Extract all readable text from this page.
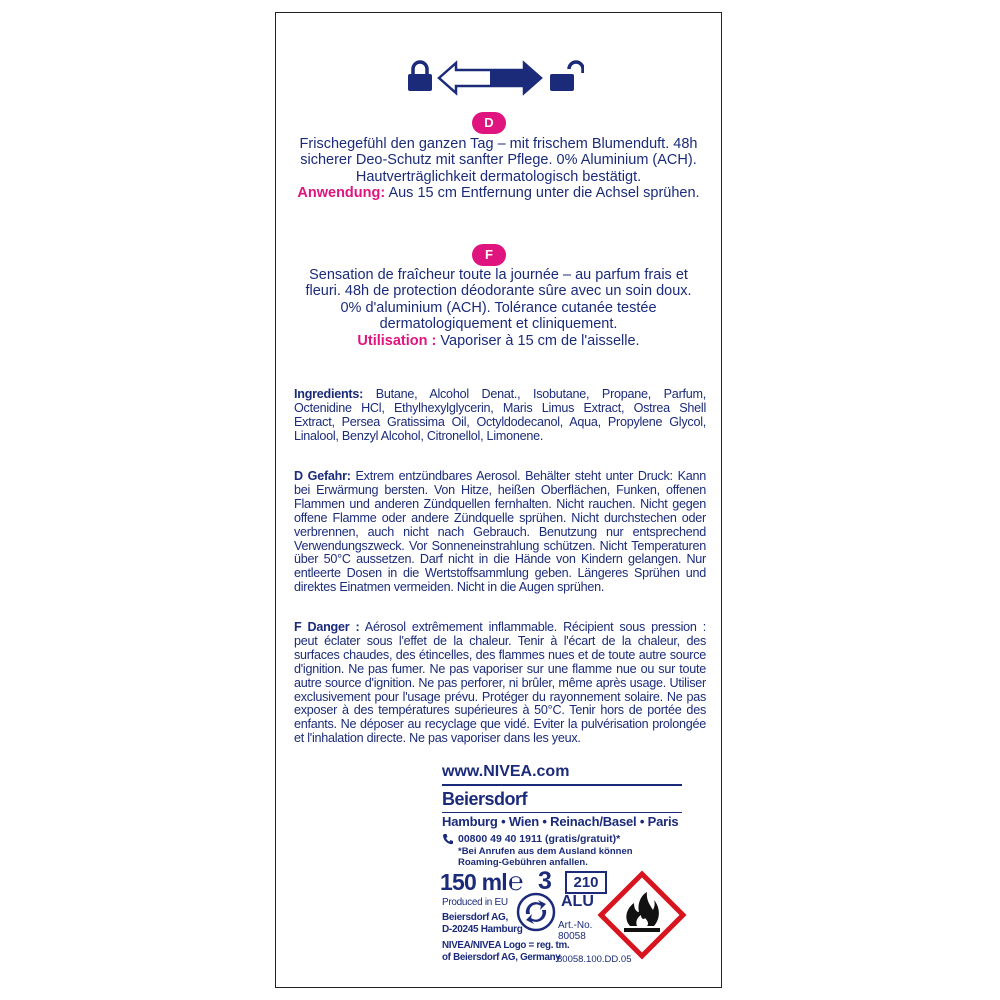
D

Frischegefühl den ganzen Tag – mit frischem Blumenduft. 48h sicherer Deo-Schutz mit sanfter Pflege. 0% Aluminium (ACH). Hautverträglichkeit dermatologisch bestätigt.

Anwendung: Aus 15 cm Entfernung unter die Achsel sprühen.

F

Sensation de fraîcheur toute la journée – au parfum frais et fleuri. 48h de protection déodorante sûre avec un soin doux. 0% d'aluminium (ACH). Tolérance cutanée testée dermatologiquement et cliniquement.

Utilisation : Vaporiser à 15 cm de l'aisselle.

Ingredients: Butane, Alcohol Denat., Isobutane, Propane, Parfum, Octenidine HCl, Ethylhexylglycerin, Maris Limus Extract, Ostrea Shell Extract, Persea Gratissima Oil, Octyldodecanol, Aqua, Propylene Glycol, Linalool, Benzyl Alcohol, Citronellol, Limonene.
D Gefahr: Extrem entzündbares Aerosol. Behälter steht unter Druck: Kann bei Erwärmung bersten. Von Hitze, heißen Oberflächen, Funken, offenen Flammen und anderen Zündquellen fernhalten. Nicht rauchen. Nicht gegen offene Flamme oder andere Zündquelle sprühen. Nicht durchstechen oder verbrennen, auch nicht nach Gebrauch. Benutzung nur entsprechend Verwendungszweck. Vor Sonneneinstrahlung schützen. Nicht Temperaturen über 50°C aussetzen. Darf nicht in die Hände von Kindern gelangen. Nur entleerte Dosen in die Wertstoffsammlung geben. Längeres Sprühen und direktes Einatmen vermeiden. Nicht in die Augen sprühen.
F Danger : Aérosol extrêmement inflammable. Récipient sous pression : peut éclater sous l'effet de la chaleur. Tenir à l'écart de la chaleur, des surfaces chaudes, des étincelles, des flammes nues et de toute autre source d'ignition. Ne pas fumer. Ne pas vaporiser sur une flamme nue ou sur toute autre source d'ignition. Ne pas perforer, ni brûler, même après usage. Utiliser exclusivement pour l'usage prévu. Protéger du rayonnement solaire. Ne pas exposer à des températures supérieures à 50°C. Tenir hors de portée des enfants. Ne déposer au recyclage que vidé. Eviter la pulvérisation prolongée et l'inhalation directe. Ne pas vaporiser dans les yeux.
www.NIVEA.com
Beiersdorf
Hamburg • Wien • Reinach/Basel • Paris
00800 49 40 1911 (gratis/gratuit)*
*Bei Anrufen aus dem Ausland können Roaming-Gebühren anfallen.
150 ml ℮ 3	210
Produced in EU
Beiersdorf AG,
D-20245 Hamburg
ALU
Art.-No.
80058
NIVEA/NIVEA Logo = reg. tm.
of Beiersdorf AG, Germany
80058.100.DD.05
